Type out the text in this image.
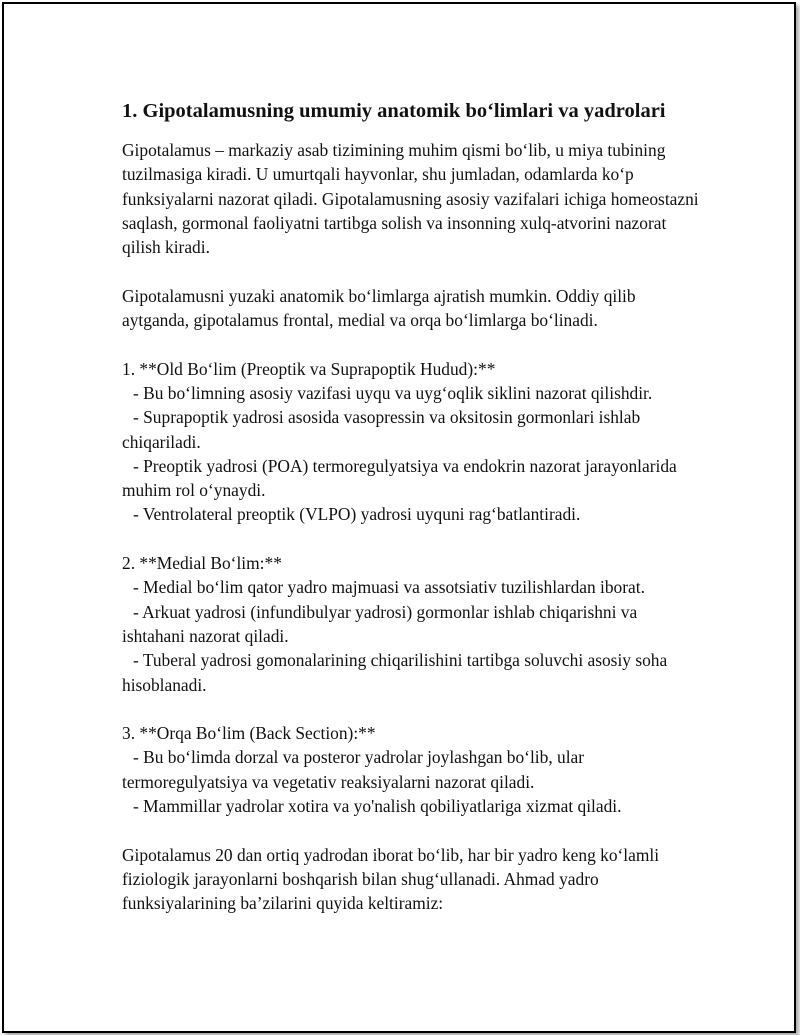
1. Gipotalamusning umumiy anatomik bo‘limlari va yadrolari

Gipotalamus – markaziy asab tizimining muhim qismi bo‘lib, u miya tubining tuzilmasiga kiradi. U umurtqali hayvonlar, shu jumladan, odamlarda ko‘p funksiyalarni nazorat qiladi. Gipotalamusning asosiy vazifalari ichiga homeostazni saqlash, gormonal faoliyatni tartibga solish va insonning xulq-atvorini nazorat qilish kiradi.

Gipotalamusni yuzaki anatomik bo‘limlarga ajratish mumkin. Oddiy qilib aytganda, gipotalamus frontal, medial va orqa bo‘limlarga bo‘linadi.

1. **Old Bo‘lim (Preoptik va Suprapoptik Hudud):**

- Bu bo‘limning asosiy vazifasi uyqu va uyg‘oqlik siklini nazorat qilishdir.

- Suprapoptik yadrosi asosida vasopressin va oksitosin gormonlari ishlab chiqariladi.

- Preoptik yadrosi (POA) termoregulyatsiya va endokrin nazorat jarayonlarida muhim rol o‘ynaydi.

- Ventrolateral preoptik (VLPO) yadrosi uyquni rag‘batlantiradi.

2. **Medial Bo‘lim:**

- Medial bo‘lim qator yadro majmuasi va assotsiativ tuzilishlardan iborat.

- Arkuat yadrosi (infundibulyar yadrosi) gormonlar ishlab chiqarishni va ishtahani nazorat qiladi.

- Tuberal yadrosi gomonalarining chiqarilishini tartibga soluvchi asosiy soha hisoblanadi.

3. **Orqa Bo‘lim (Back Section):**

- Bu bo‘limda dorzal va posteror yadrolar joylashgan bo‘lib, ular termoregulyatsiya va vegetativ reaksiyalarni nazorat qiladi.

- Mammillar yadrolar xotira va yo'nalish qobiliyatlariga xizmat qiladi.

Gipotalamus 20 dan ortiq yadrodan iborat bo‘lib, har bir yadro keng ko‘lamli fiziologik jarayonlarni boshqarish bilan shug‘ullanadi. Ahmad yadro funksiyalarining ba’zilarini quyida keltiramiz:
